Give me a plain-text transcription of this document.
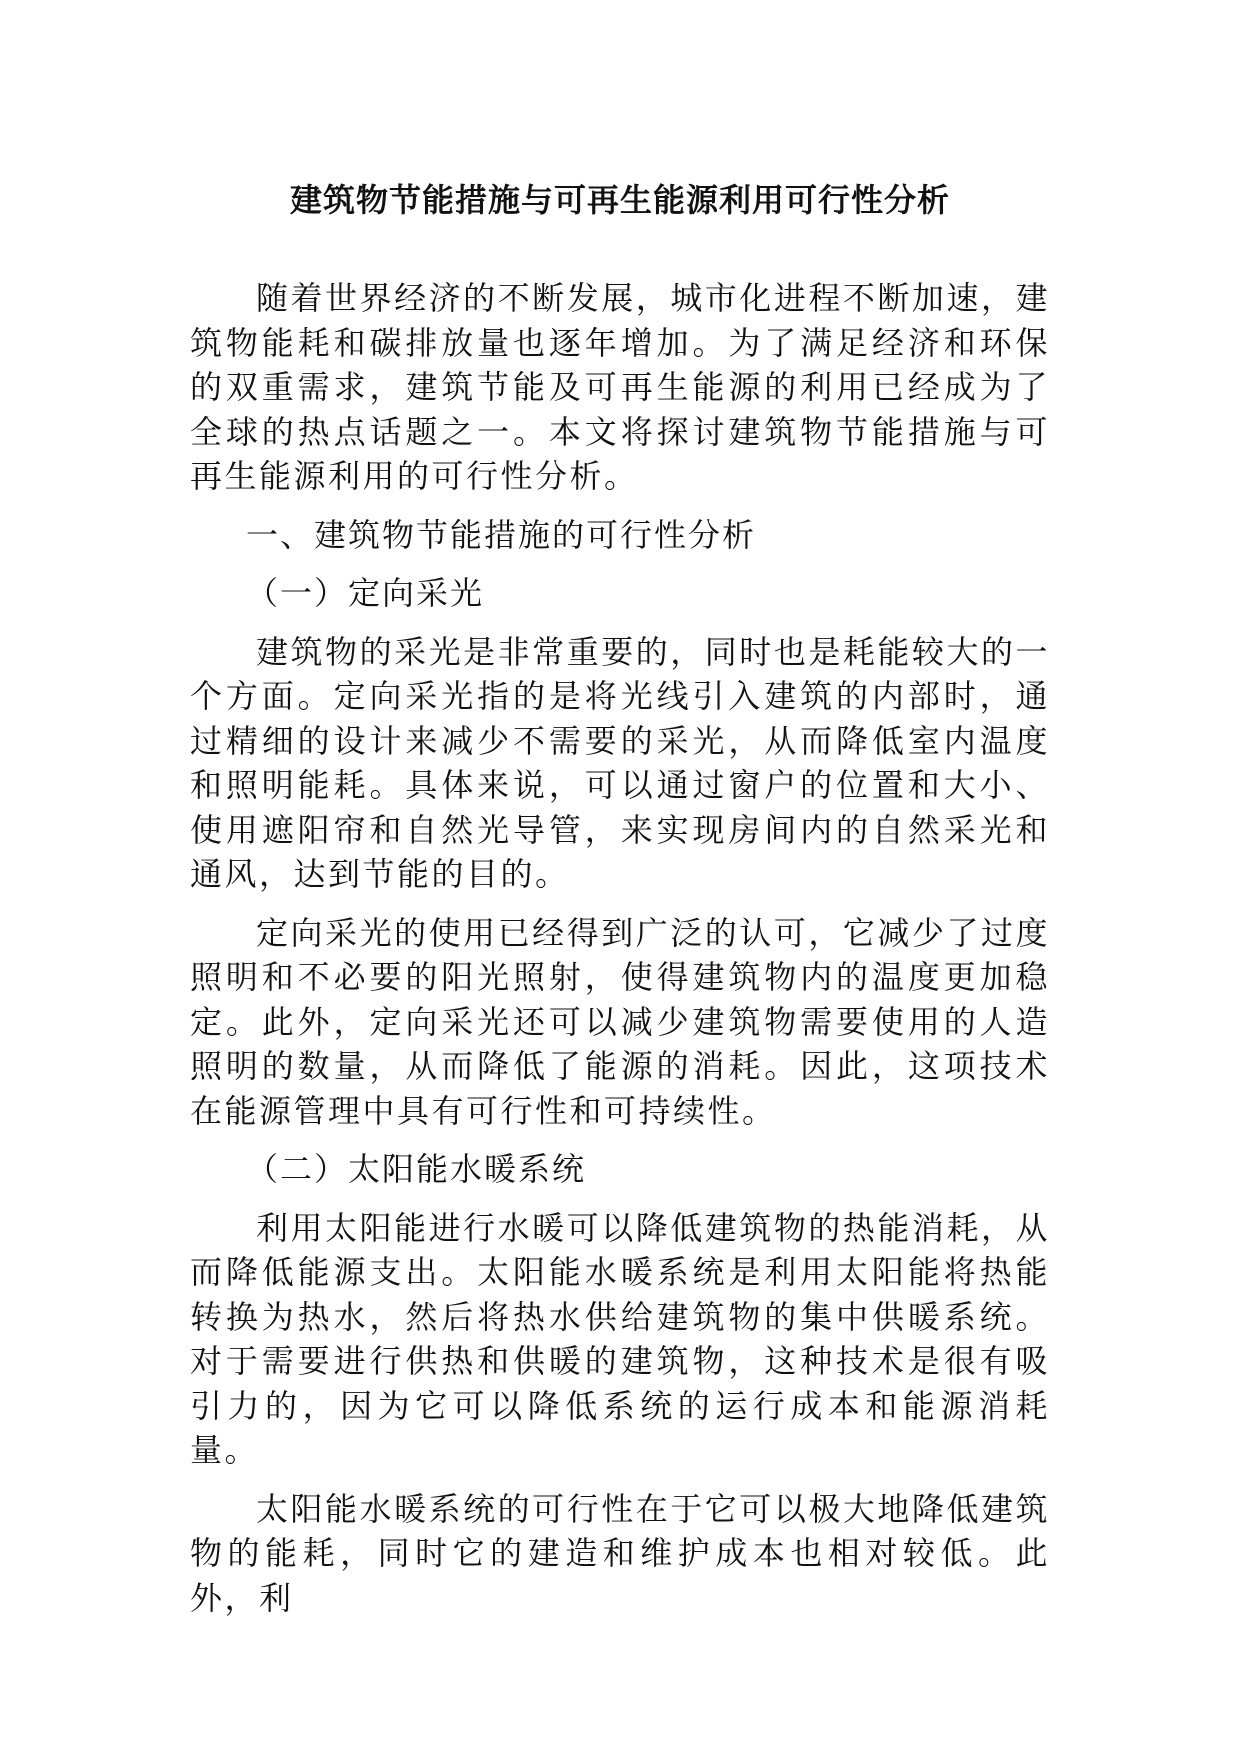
建筑物节能措施与可再生能源利用可行性分析

随着世界经济的不断发展，城市化进程不断加速，建筑物能耗和碳排放量也逐年增加。为了满足经济和环保的双重需求，建筑节能及可再生能源的利用已经成为了全球的热点话题之一。本文将探讨建筑物节能措施与可再生能源利用的可行性分析。

一、建筑物节能措施的可行性分析

（一）定向采光

建筑物的采光是非常重要的，同时也是耗能较大的一个方面。定向采光指的是将光线引入建筑的内部时，通过精细的设计来减少不需要的采光，从而降低室内温度和照明能耗。具体来说，可以通过窗户的位置和大小、使用遮阳帘和自然光导管，来实现房间内的自然采光和通风，达到节能的目的。

定向采光的使用已经得到广泛的认可，它减少了过度照明和不必要的阳光照射，使得建筑物内的温度更加稳定。此外，定向采光还可以减少建筑物需要使用的人造照明的数量，从而降低了能源的消耗。因此，这项技术在能源管理中具有可行性和可持续性。

（二）太阳能水暖系统

利用太阳能进行水暖可以降低建筑物的热能消耗，从而降低能源支出。太阳能水暖系统是利用太阳能将热能转换为热水，然后将热水供给建筑物的集中供暖系统。对于需要进行供热和供暖的建筑物，这种技术是很有吸引力的，因为它可以降低系统的运行成本和能源消耗量。

太阳能水暖系统的可行性在于它可以极大地降低建筑物的能耗，同时它的建造和维护成本也相对较低。此外，利
